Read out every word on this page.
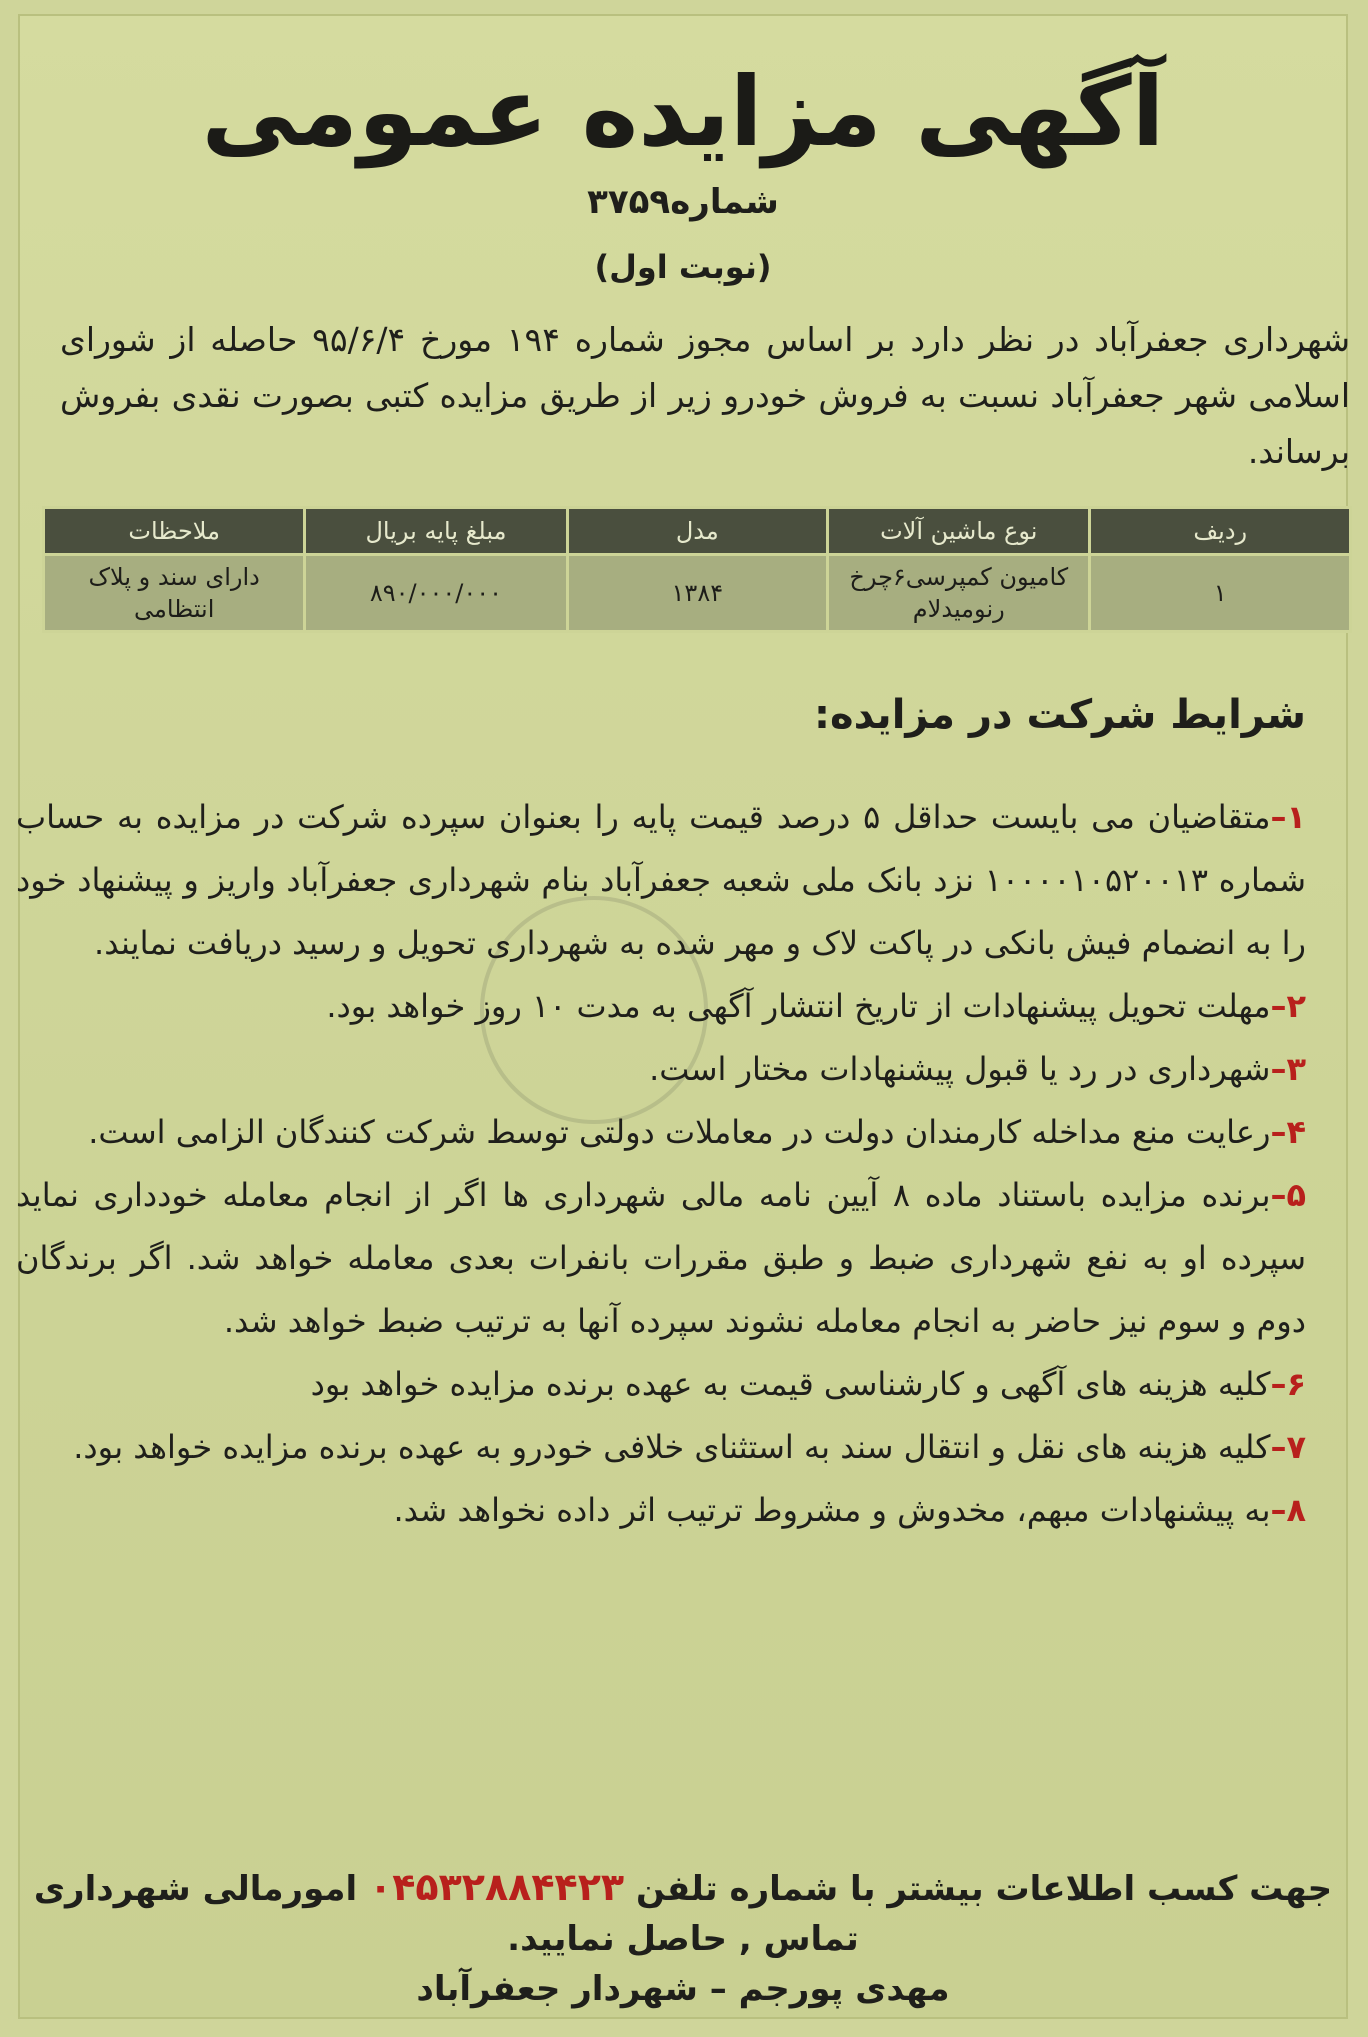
آگهی مزایده عمومی
شماره۳۷۵۹
(نوبت اول)
شهرداری جعفرآباد در نظر دارد بر اساس مجوز شماره ۱۹۴ مورخ ۹۵/۶/۴ حاصله از شورای اسلامی شهر جعفرآباد نسبت به فروش خودرو زیر از طریق مزایده کتبی بصورت نقدی بفروش برساند.
ردیف	نوع ماشین آلات	مدل	مبلغ پایه بریال	ملاحظات
۱	کامیون کمپرسی۶چرخ رنومیدلام	۱۳۸۴	۸۹۰/۰۰۰/۰۰۰	دارای سند و پلاک انتظامی
شرایط شرکت در مزایده:

۱–متقاضیان می بایست حداقل ۵ درصد قیمت پایه را بعنوان سپرده شرکت در مزایده به حساب شماره ۱۰۰۰۰۱۰۵۲۰۰۱۳ نزد بانک ملی شعبه جعفرآباد بنام شهرداری جعفرآباد واریز و پیشنهاد خود را به انضمام فیش بانکی در پاکت لاک و مهر شده به شهرداری تحویل و رسید دریافت نمایند.

۲–مهلت تحویل پیشنهادات از تاریخ انتشار آگهی به مدت ۱۰ روز خواهد بود.

۳–شهرداری در رد یا قبول پیشنهادات مختار است.

۴–رعایت منع مداخله کارمندان دولت در معاملات دولتی توسط شرکت کنندگان الزامی است.

۵–برنده مزایده باستناد ماده ۸ آیین نامه مالی شهرداری ها اگر از انجام معامله خودداری نماید سپرده او به نفع شهرداری ضبط و طبق مقررات بانفرات بعدی معامله خواهد شد. اگر برندگان دوم و سوم نیز حاضر به انجام معامله نشوند سپرده آنها به ترتیب ضبط خواهد شد.

۶–کلیه هزینه های آگهی و کارشناسی قیمت به عهده برنده مزایده خواهد بود

۷–کلیه هزینه های نقل و انتقال سند به استثنای خلافی خودرو به عهده برنده مزایده خواهد بود.

۸–به پیشنهادات مبهم، مخدوش و مشروط ترتیب اثر داده نخواهد شد.

جهت کسب اطلاعات بیشتر با شماره تلفن ۰۴۵۳۲۸۸۴۴۲۳ امورمالی شهرداری
تماس , حاصل نمایید.
مهدی پورجم – شهردار جعفرآباد
